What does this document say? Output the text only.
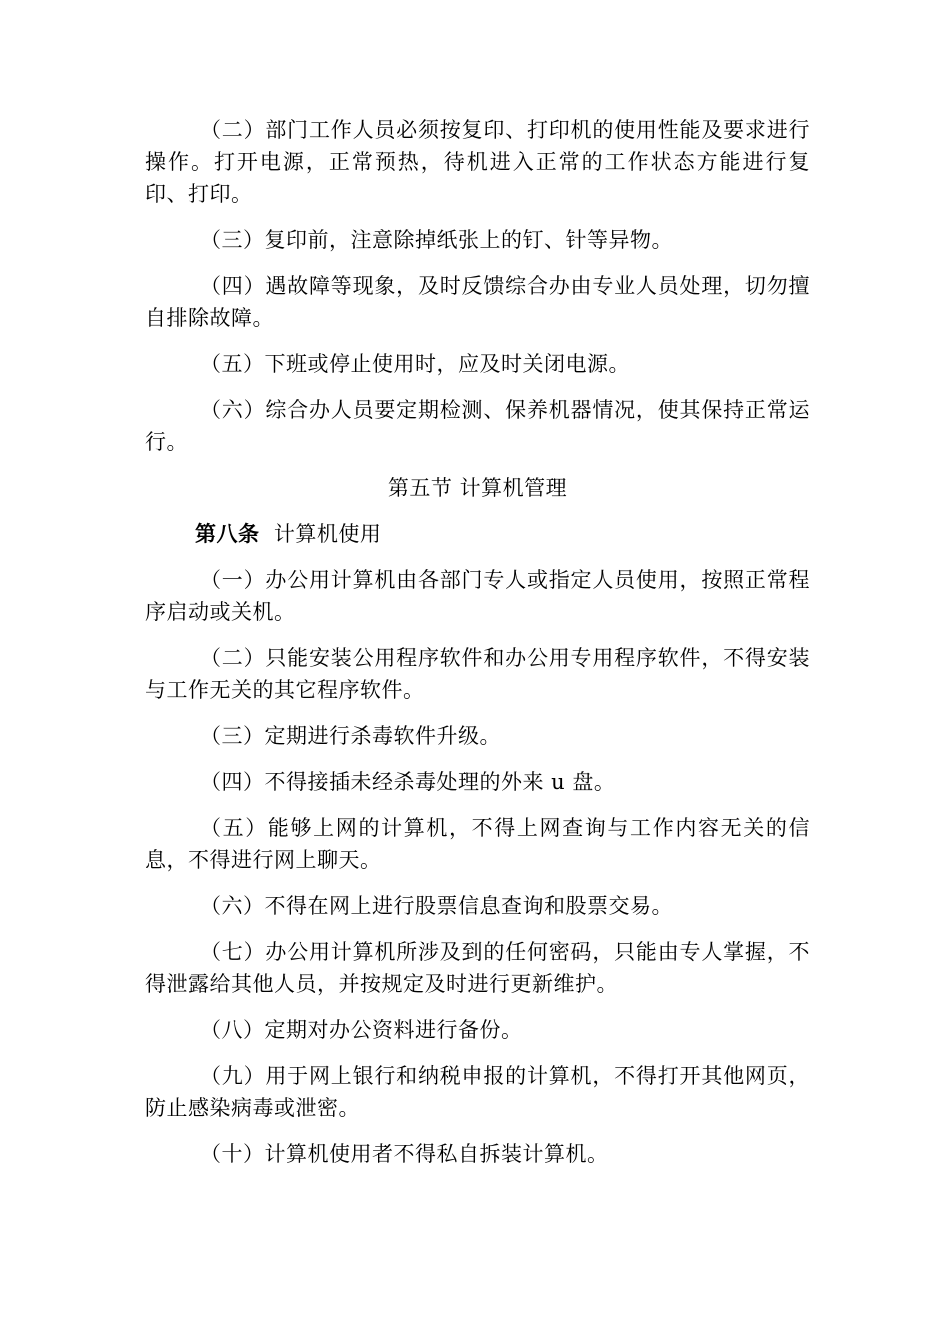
（二）部门工作人员必须按复印、打印机的使用性能及要求进行操作。打开电源，正常预热，待机进入正常的工作状态方能进行复印、打印。

（三）复印前，注意除掉纸张上的钉、针等异物。

（四）遇故障等现象，及时反馈综合办由专业人员处理，切勿擅自排除故障。

（五）下班或停止使用时，应及时关闭电源。

（六）综合办人员要定期检测、保养机器情况，使其保持正常运行。

第五节 计算机管理
第八条 计算机使用

（一）办公用计算机由各部门专人或指定人员使用，按照正常程序启动或关机。

（二）只能安装公用程序软件和办公用专用程序软件，不得安装与工作无关的其它程序软件。

（三）定期进行杀毒软件升级。

（四）不得接插未经杀毒处理的外来 u 盘。

（五）能够上网的计算机，不得上网查询与工作内容无关的信息，不得进行网上聊天。

（六）不得在网上进行股票信息查询和股票交易。

（七）办公用计算机所涉及到的任何密码，只能由专人掌握，不得泄露给其他人员，并按规定及时进行更新维护。

（八）定期对办公资料进行备份。

（九）用于网上银行和纳税申报的计算机，不得打开其他网页，防止感染病毒或泄密。

（十）计算机使用者不得私自拆装计算机。
